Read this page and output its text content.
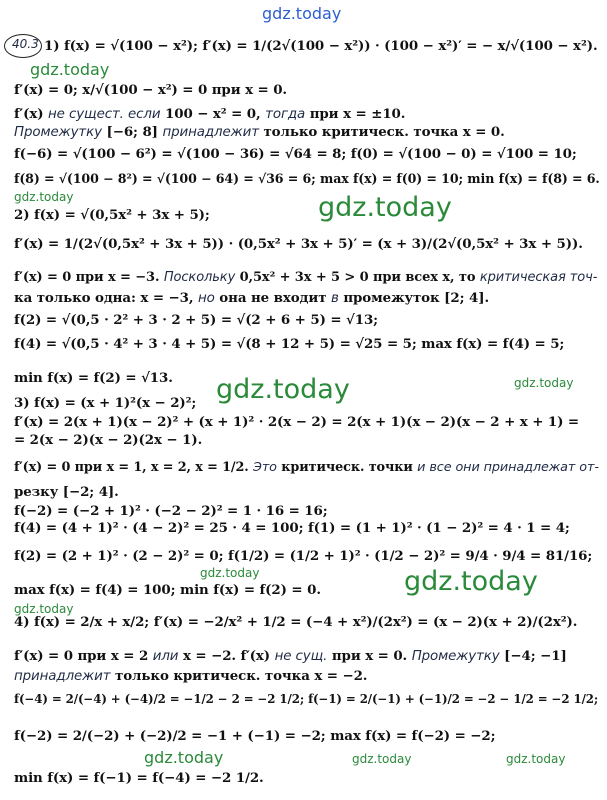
gdz.today
40.3 1) f(x) = √(100 − x²); f′(x) = 1/(2√(100 − x²)) · (100 − x²)′ = − x/√(100 − x²).
gdz.today
f′(x) = 0; x/√(100 − x²) = 0 при x = 0.
f′(x) не сущест. если 100 − x² = 0, тогда при x = ±10.
Промежутку [−6; 8] принадлежит только критическ. точка x = 0.
f(−6) = √(100 − 6²) = √(100 − 36) = √64 = 8; f(0) = √(100 − 0) = √100 = 10;
f(8) = √(100 − 8²) = √(100 − 64) = √36 = 6; max f(x) = f(0) = 10; min f(x) = f(8) = 6.
gdz.today	gdz.today
2) f(x) = √(0,5x² + 3x + 5);
f′(x) = 1/(2√(0,5x² + 3x + 5)) · (0,5x² + 3x + 5)′ = (x + 3)/(2√(0,5x² + 3x + 5)).
f′(x) = 0 при x = −3. Поскольку 0,5x² + 3x + 5 > 0 при всех x, то критическая точ-
ка только одна: x = −3, но она не входит в промежуток [2; 4].
f(2) = √(0,5 · 2² + 3 · 2 + 5) = √(2 + 6 + 5) = √13;
f(4) = √(0,5 · 4² + 3 · 4 + 5) = √(8 + 12 + 5) = √25 = 5; max f(x) = f(4) = 5;
min f(x) = f(2) = √13. gdz.today	gdz.today
3) f(x) = (x + 1)²(x − 2)²;
f′(x) = 2(x + 1)(x − 2)² + (x + 1)² · 2(x − 2) = 2(x + 1)(x − 2)(x − 2 + x + 1) =
= 2(x − 2)(x − 2)(2x − 1).
f′(x) = 0 при x = 1, x = 2, x = 1/2. Это критическ. точки и все они принадлежат от-
резку [−2; 4].
f(−2) = (−2 + 1)² · (−2 − 2)² = 1 · 16 = 16;
f(4) = (4 + 1)² · (4 − 2)² = 25 · 4 = 100; f(1) = (1 + 1)² · (1 − 2)² = 4 · 1 = 4;
f(2) = (2 + 1)² · (2 − 2)² = 0; f(1/2) = (1/2 + 1)² · (1/2 − 2)² = 9/4 · 9/4 = 81/16;
gdz.today	gdz.today
max f(x) = f(4) = 100; min f(x) = f(2) = 0.
gdz.today
4) f(x) = 2/x + x/2; f′(x) = −2/x² + 1/2 = (−4 + x²)/(2x²) = (x − 2)(x + 2)/(2x²).
f′(x) = 0 при x = 2 или x = −2. f′(x) не сущ. при x = 0. Промежутку [−4; −1]
принадлежит только критическ. точка x = −2.
f(−4) = 2/(−4) + (−4)/2 = −1/2 − 2 = −2 1/2; f(−1) = 2/(−1) + (−1)/2 = −2 − 1/2 = −2 1/2;
f(−2) = 2/(−2) + (−2)/2 = −1 + (−1) = −2; max f(x) = f(−2) = −2;
gdz.today	gdz.today	gdz.today
min f(x) = f(−1) = f(−4) = −2 1/2.
